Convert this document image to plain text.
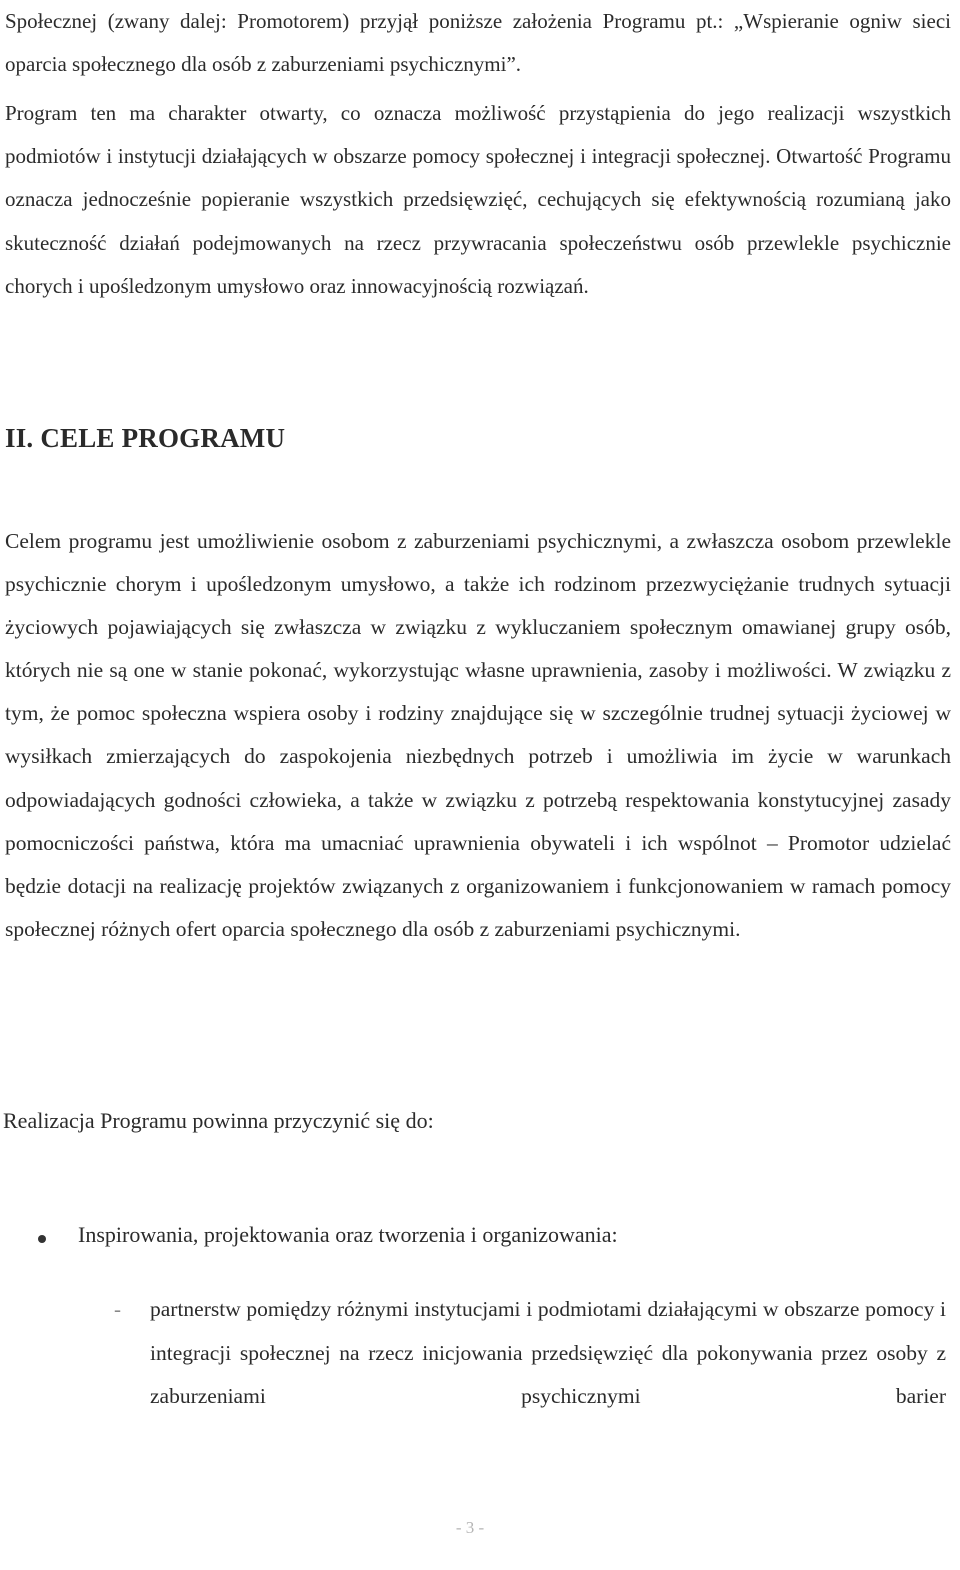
Społecznej (zwany dalej: Promotorem) przyjął poniższe założenia Programu pt.: „Wspieranie ogniw sieci oparcia społecznego dla osób z zaburzeniami psychicznymi”.

Program ten ma charakter otwarty, co oznacza możliwość przystąpienia do jego realizacji wszystkich podmiotów i instytucji działających w obszarze pomocy społecznej i integracji społecznej. Otwartość Programu oznacza jednocześnie popieranie wszystkich przedsięwzięć, cechujących się efektywnością rozumianą jako skuteczność działań podejmowanych na rzecz przywracania społeczeństwu osób przewlekle psychicznie chorych i upośledzonym umysłowo oraz innowacyjnością rozwiązań.

II. CELE PROGRAMU

Celem programu jest umożliwienie osobom z zaburzeniami psychicznymi, a zwłaszcza osobom przewlekle psychicznie chorym i upośledzonym umysłowo, a także ich rodzinom przezwyciężanie trudnych sytuacji życiowych pojawiających się zwłaszcza w związku z wykluczaniem społecznym omawianej grupy osób, których nie są one w stanie pokonać, wykorzystując własne uprawnienia, zasoby i możliwości. W związku z tym, że pomoc społeczna wspiera osoby i rodziny znajdujące się w szczególnie trudnej sytuacji życiowej w wysiłkach zmierzających do zaspokojenia niezbędnych potrzeb i umożliwia im życie w warunkach odpowiadających godności człowieka, a także w związku z potrzebą respektowania konstytucyjnej zasady pomocniczości państwa, która ma umacniać uprawnienia obywateli i ich wspólnot – Promotor udzielać będzie dotacji na realizację projektów związanych z organizowaniem i funkcjonowaniem w ramach pomocy społecznej różnych ofert oparcia społecznego dla osób z zaburzeniami psychicznymi.

Realizacja Programu powinna przyczynić się do:

Inspirowania, projektowania oraz tworzenia i organizowania:
- partnerstw pomiędzy różnymi instytucjami i podmiotami działającymi w obszarze pomocy i integracji społecznej na rzecz inicjowania przedsięwzięć dla pokonywania przez osoby z zaburzeniami psychicznymi barier

- 3 -
